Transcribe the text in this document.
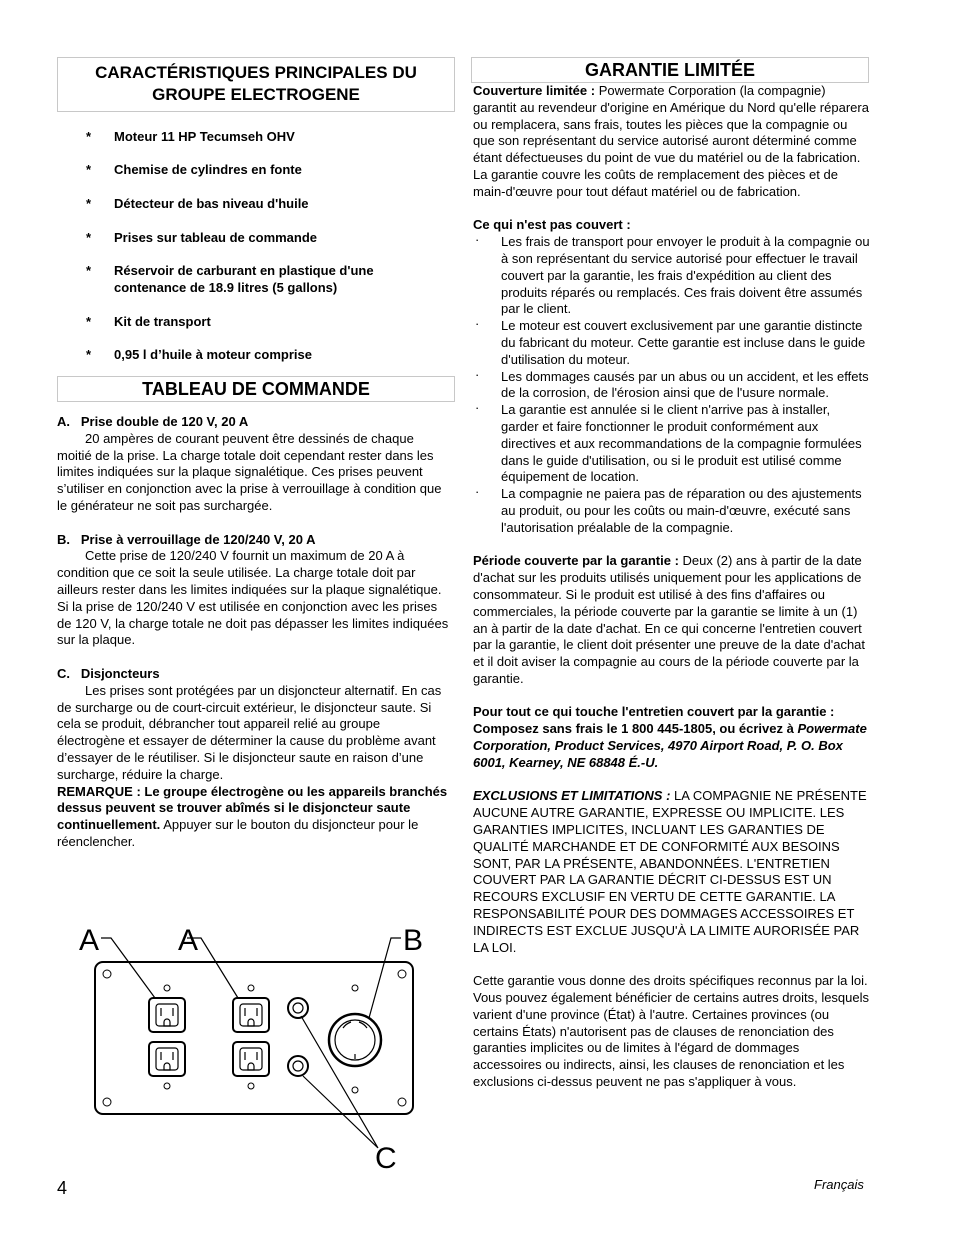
CARACTÉRISTIQUES PRINCIPALES DU
GROUPE ELECTROGENE
* Moteur 11 HP Tecumseh OHV
* Chemise de cylindres en fonte
* Détecteur de bas niveau d'huile
* Prises sur tableau de commande
* Réservoir de carburant en plastique d'une contenance de 18.9 litres (5 gallons)
* Kit de transport
* 0,95 l d’huile à moteur comprise
TABLEAU DE COMMANDE

A.   Prise double de 120 V, 20 A

20 ampères de courant peuvent être dessinés de chaque moitié de la prise. La charge totale doit cependant rester dans les limites indiquées sur la plaque signalétique. Ces prises peuvent s’utiliser en conjonction avec la prise à verrouillage à condition que le générateur ne soit pas surchargée.

B.   Prise à verrouillage de 120/240 V, 20 A

Cette prise de 120/240 V fournit un maximum de 20 A à condition que ce soit la seule utilisée. La charge totale doit par ailleurs rester dans les limites indiquées sur la plaque signalétique. Si la prise de 120/240 V est utilisée en conjonction avec les prises de 120 V, la charge totale ne doit pas dépasser les limites indiquées sur la plaque.

C.   Disjoncteurs

Les prises sont protégées par un disjoncteur alternatif. En cas de surcharge ou de court-circuit extérieur, le disjoncteur saute. Si cela se produit, débrancher tout appareil relié au groupe électrogène et essayer de déterminer la cause du problème avant d’essayer de le réutiliser. Si le disjoncteur saute en raison d’une surcharge, réduire la charge.

REMARQUE : Le groupe électrogène ou les appareils branchés dessus peuvent se trouver abîmés si le disjoncteur saute continuellement. Appuyer sur le bouton du disjoncteur pour le réenclencher.

A	A	B
C
GARANTIE LIMITÉE

Couverture limitée : Powermate Corporation (la compagnie) garantit au revendeur d'origine en Amérique du Nord qu'elle réparera ou remplacera, sans frais, toutes les pièces que la compagnie ou que son représentant du service autorisé auront déterminé comme étant défectueuses du point de vue du matériel ou de la fabrication. La garantie couvre les coûts de remplacement des pièces et de main-d'œuvre pour tout défaut matériel ou de fabrication.

Ce qui n'est pas couvert :

· Les frais de transport pour envoyer le produit à la compagnie ou à son représentant du service autorisé pour effectuer le travail couvert par la garantie, les frais d'expédition au client des produits réparés ou remplacés. Ces frais doivent être assumés par le client.

· Le moteur est couvert exclusivement par une garantie distincte du fabricant du moteur. Cette garantie est incluse dans le guide d'utilisation du moteur.

· Les dommages causés par un abus ou un accident, et les effets de la corrosion, de l'érosion ainsi que de l'usure normale.

· La garantie est annulée si le client n'arrive pas à installer, garder et faire fonctionner le produit conformément aux directives et aux recommandations de la compagnie formulées dans le guide d'utilisation, ou si le produit est utilisé comme équipement de location.

· La compagnie ne paiera pas de réparation ou des ajustements au produit, ou pour les coûts ou main-d'œuvre, exécuté sans l'autorisation préalable de la compagnie.

Période couverte par la garantie : Deux (2) ans à partir de la date d'achat sur les produits utilisés uniquement pour les applications de consommateur. Si le produit est utilisé à des fins d'affaires ou commerciales, la période couverte par la garantie se limite à un (1) an à partir de la date d'achat. En ce qui concerne l'entretien couvert par la garantie, le client doit présenter une preuve de la date d'achat et il doit aviser la compagnie au cours de la période couverte par la garantie.

Pour tout ce qui touche l'entretien couvert par la garantie : Composez sans frais le 1 800 445-1805, ou écrivez à Powermate Corporation, Product Services, 4970 Airport Road, P. O. Box 6001, Kearney, NE 68848 É.-U.

EXCLUSIONS ET LIMITATIONS : LA COMPAGNIE NE PRÉSENTE AUCUNE AUTRE GARANTIE, EXPRESSE OU IMPLICITE. LES GARANTIES IMPLICITES, INCLUANT LES GARANTIES DE QUALITÉ MARCHANDE ET DE CONFORMITÉ AUX BESOINS SONT, PAR LA PRÉSENTE, ABANDONNÉES. L'ENTRETIEN COUVERT PAR LA GARANTIE DÉCRIT CI-DESSUS EST UN RECOURS EXCLUSIF EN VERTU DE CETTE GARANTIE. LA RESPONSABILITÉ POUR DES DOMMAGES ACCESSOIRES ET INDIRECTS EST EXCLUE JUSQU'À LA LIMITE AURORISÉE PAR LA LOI.

Cette garantie vous donne des droits spécifiques reconnus par la loi. Vous pouvez également bénéficier de certains autres droits, lesquels varient d'une province (État) à l'autre. Certaines provinces (ou certains États) n'autorisent pas de clauses de renonciation des garanties implicites ou de limites à l'égard de dommages accessoires ou indirects, ainsi, les clauses de renonciation et les exclusions ci-dessus peuvent ne pas s'appliquer à vous.

4	Français
